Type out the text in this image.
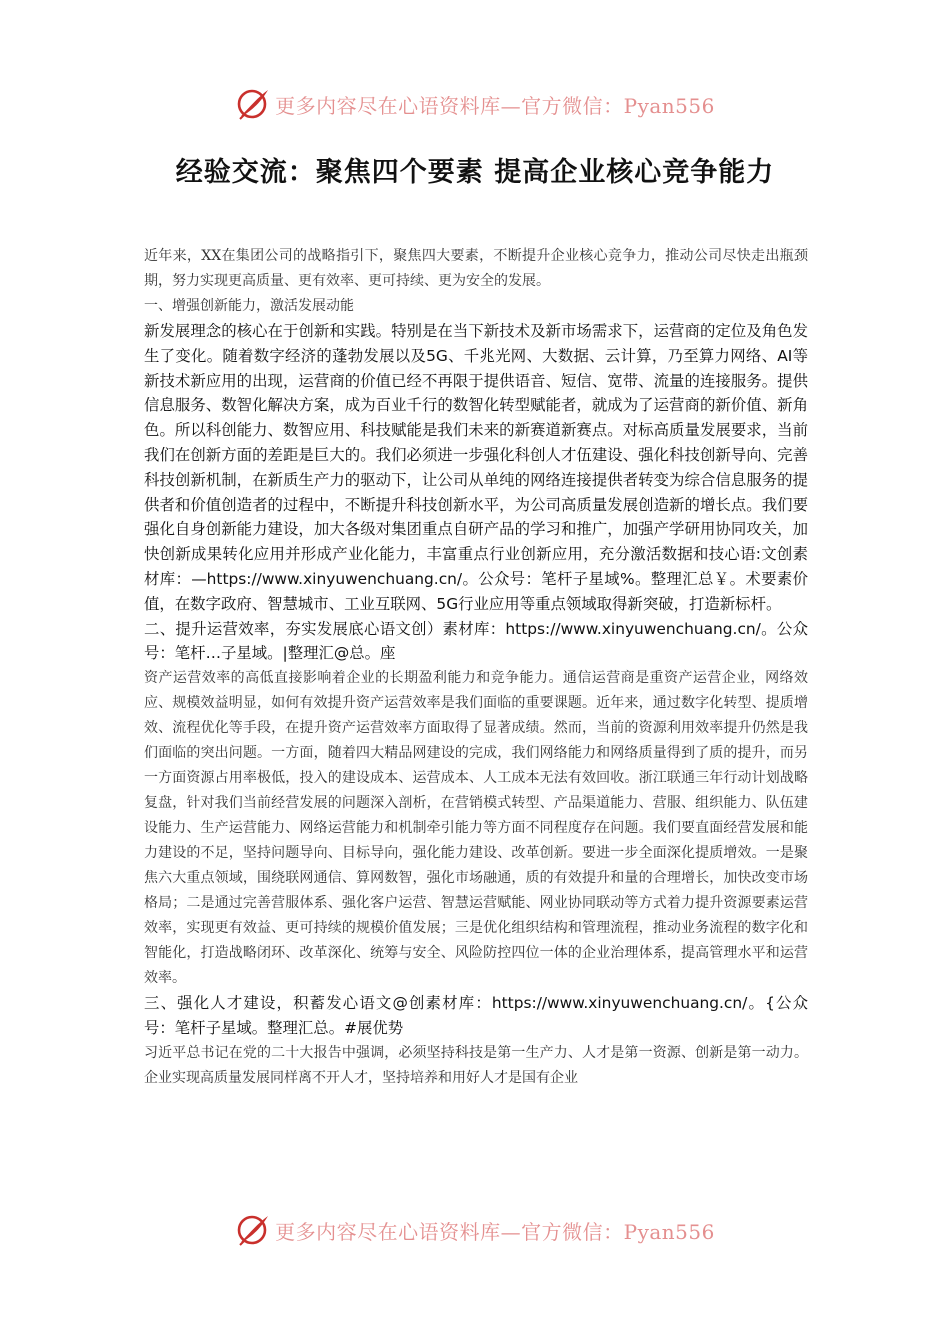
更多内容尽在心语资料库—官方微信：Pyan556
经验交流：聚焦四个要素 提高企业核心竞争能力

近年来，XX在集团公司的战略指引下，聚焦四大要素，不断提升企业核心竞争力，推动公司尽快走出瓶颈期，努力实现更高质量、更有效率、更可持续、更为安全的发展。

一、增强创新能力，激活发展动能

新发展理念的核心在于创新和实践。特别是在当下新技术及新市场需求下，运营商的定位及角色发生了变化。随着数字经济的蓬勃发展以及5G、千兆光网、大数据、云计算，乃至算力网络、AI等新技术新应用的出现，运营商的价值已经不再限于提供语音、短信、宽带、流量的连接服务。提供信息服务、数智化解决方案，成为百业千行的数智化转型赋能者，就成为了运营商的新价值、新角色。所以科创能力、数智应用、科技赋能是我们未来的新赛道新赛点。对标高质量发展要求，当前我们在创新方面的差距是巨大的。我们必须进一步强化科创人才伍建设、强化科技创新导向、完善科技创新机制，在新质生产力的驱动下，让公司从单纯的网络连接提供者转变为综合信息服务的提供者和价值创造者的过程中，不断提升科技创新水平，为公司高质量发展创造新的增长点。我们要强化自身创新能力建设，加大各级对集团重点自研产品的学习和推广，加强产学研用协同攻关，加快创新成果转化应用并形成产业化能力，丰富重点行业创新应用，充分激活数据和技心语:文创素材库：—https://www.xinyuwenchuang.cn/。公众号：笔杆子星域%。整理汇总￥。术要素价值，在数字政府、智慧城市、工业互联网、5G行业应用等重点领域取得新突破，打造新标杆。

二、提升运营效率，夯实发展底心语文创）素材库：https://www.xinyuwenchuang.cn/。公众号：笔杆…子星域。|整理汇@总。座

资产运营效率的高低直接影响着企业的长期盈利能力和竞争能力。通信运营商是重资产运营企业，网络效应、规模效益明显，如何有效提升资产运营效率是我们面临的重要课题。近年来，通过数字化转型、提质增效、流程优化等手段，在提升资产运营效率方面取得了显著成绩。然而，当前的资源利用效率提升仍然是我们面临的突出问题。一方面，随着四大精品网建设的完成，我们网络能力和网络质量得到了质的提升，而另一方面资源占用率极低，投入的建设成本、运营成本、人工成本无法有效回收。浙江联通三年行动计划战略复盘，针对我们当前经营发展的问题深入剖析，在营销模式转型、产品渠道能力、营服、组织能力、队伍建设能力、生产运营能力、网络运营能力和机制牵引能力等方面不同程度存在问题。我们要直面经营发展和能力建设的不足，坚持问题导向、目标导向，强化能力建设、改革创新。要进一步全面深化提质增效。一是聚焦六大重点领域，围绕联网通信、算网数智，强化市场融通，质的有效提升和量的合理增长，加快改变市场格局；二是通过完善营服体系、强化客户运营、智慧运营赋能、网业协同联动等方式着力提升资源要素运营效率，实现更有效益、更可持续的规模价值发展；三是优化组织结构和管理流程，推动业务流程的数字化和智能化，打造战略闭环、改革深化、统筹与安全、风险防控四位一体的企业治理体系，提高管理水平和运营效率。

三、强化人才建设，积蓄发心语文@创素材库：https://www.xinyuwenchuang.cn/。{公众号：笔杆子星域。整理汇总。#展优势

习近平总书记在党的二十大报告中强调，必须坚持科技是第一生产力、人才是第一资源、创新是第一动力。企业实现高质量发展同样离不开人才，坚持培养和用好人才是国有企业

更多内容尽在心语资料库—官方微信：Pyan556
